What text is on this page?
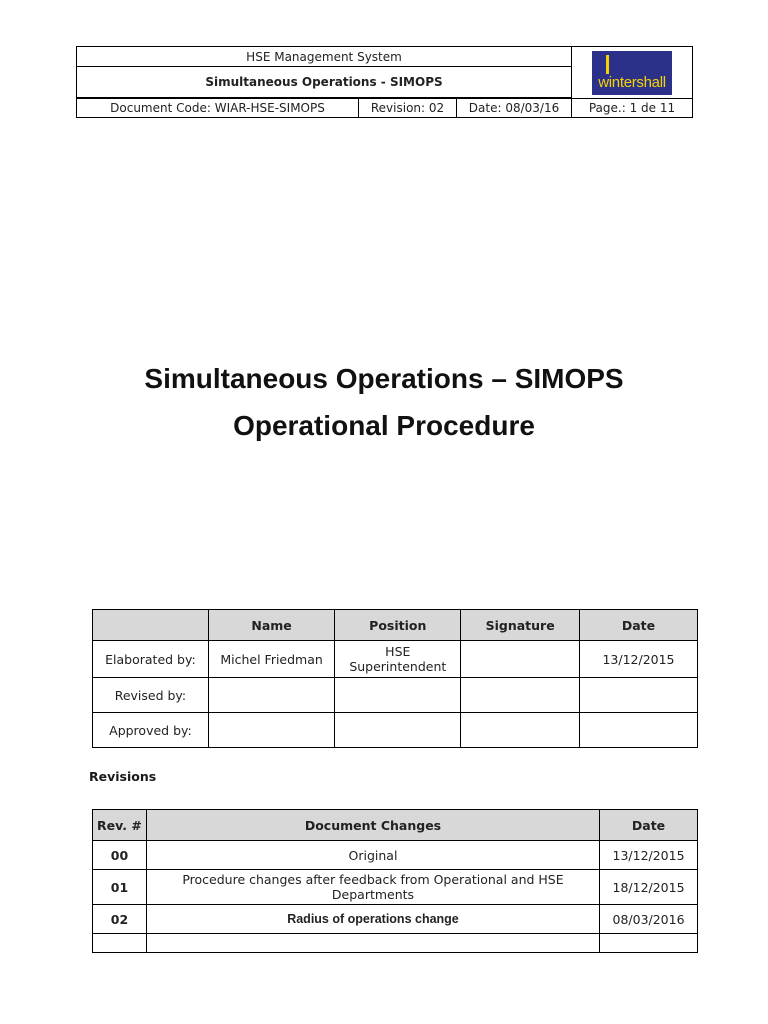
HSE Management System
Simultaneous Operations - SIMOPS	wintershall
Document Code: WIAR-HSE-SIMOPS	Revision: 02	Date: 08/03/16	Page.: 1 de 11
Simultaneous Operations – SIMOPS
Operational Procedure
	Name	Position	Signature	Date
Elaborated by:	Michel Friedman	HSE Superintendent		13/12/2015
Revised by:				
Approved by:				
Revisions
Rev. #	Document Changes	Date
00	Original	13/12/2015
01	Procedure changes after feedback from Operational and HSE Departments	18/12/2015
02	Radius of operations change	08/03/2016
